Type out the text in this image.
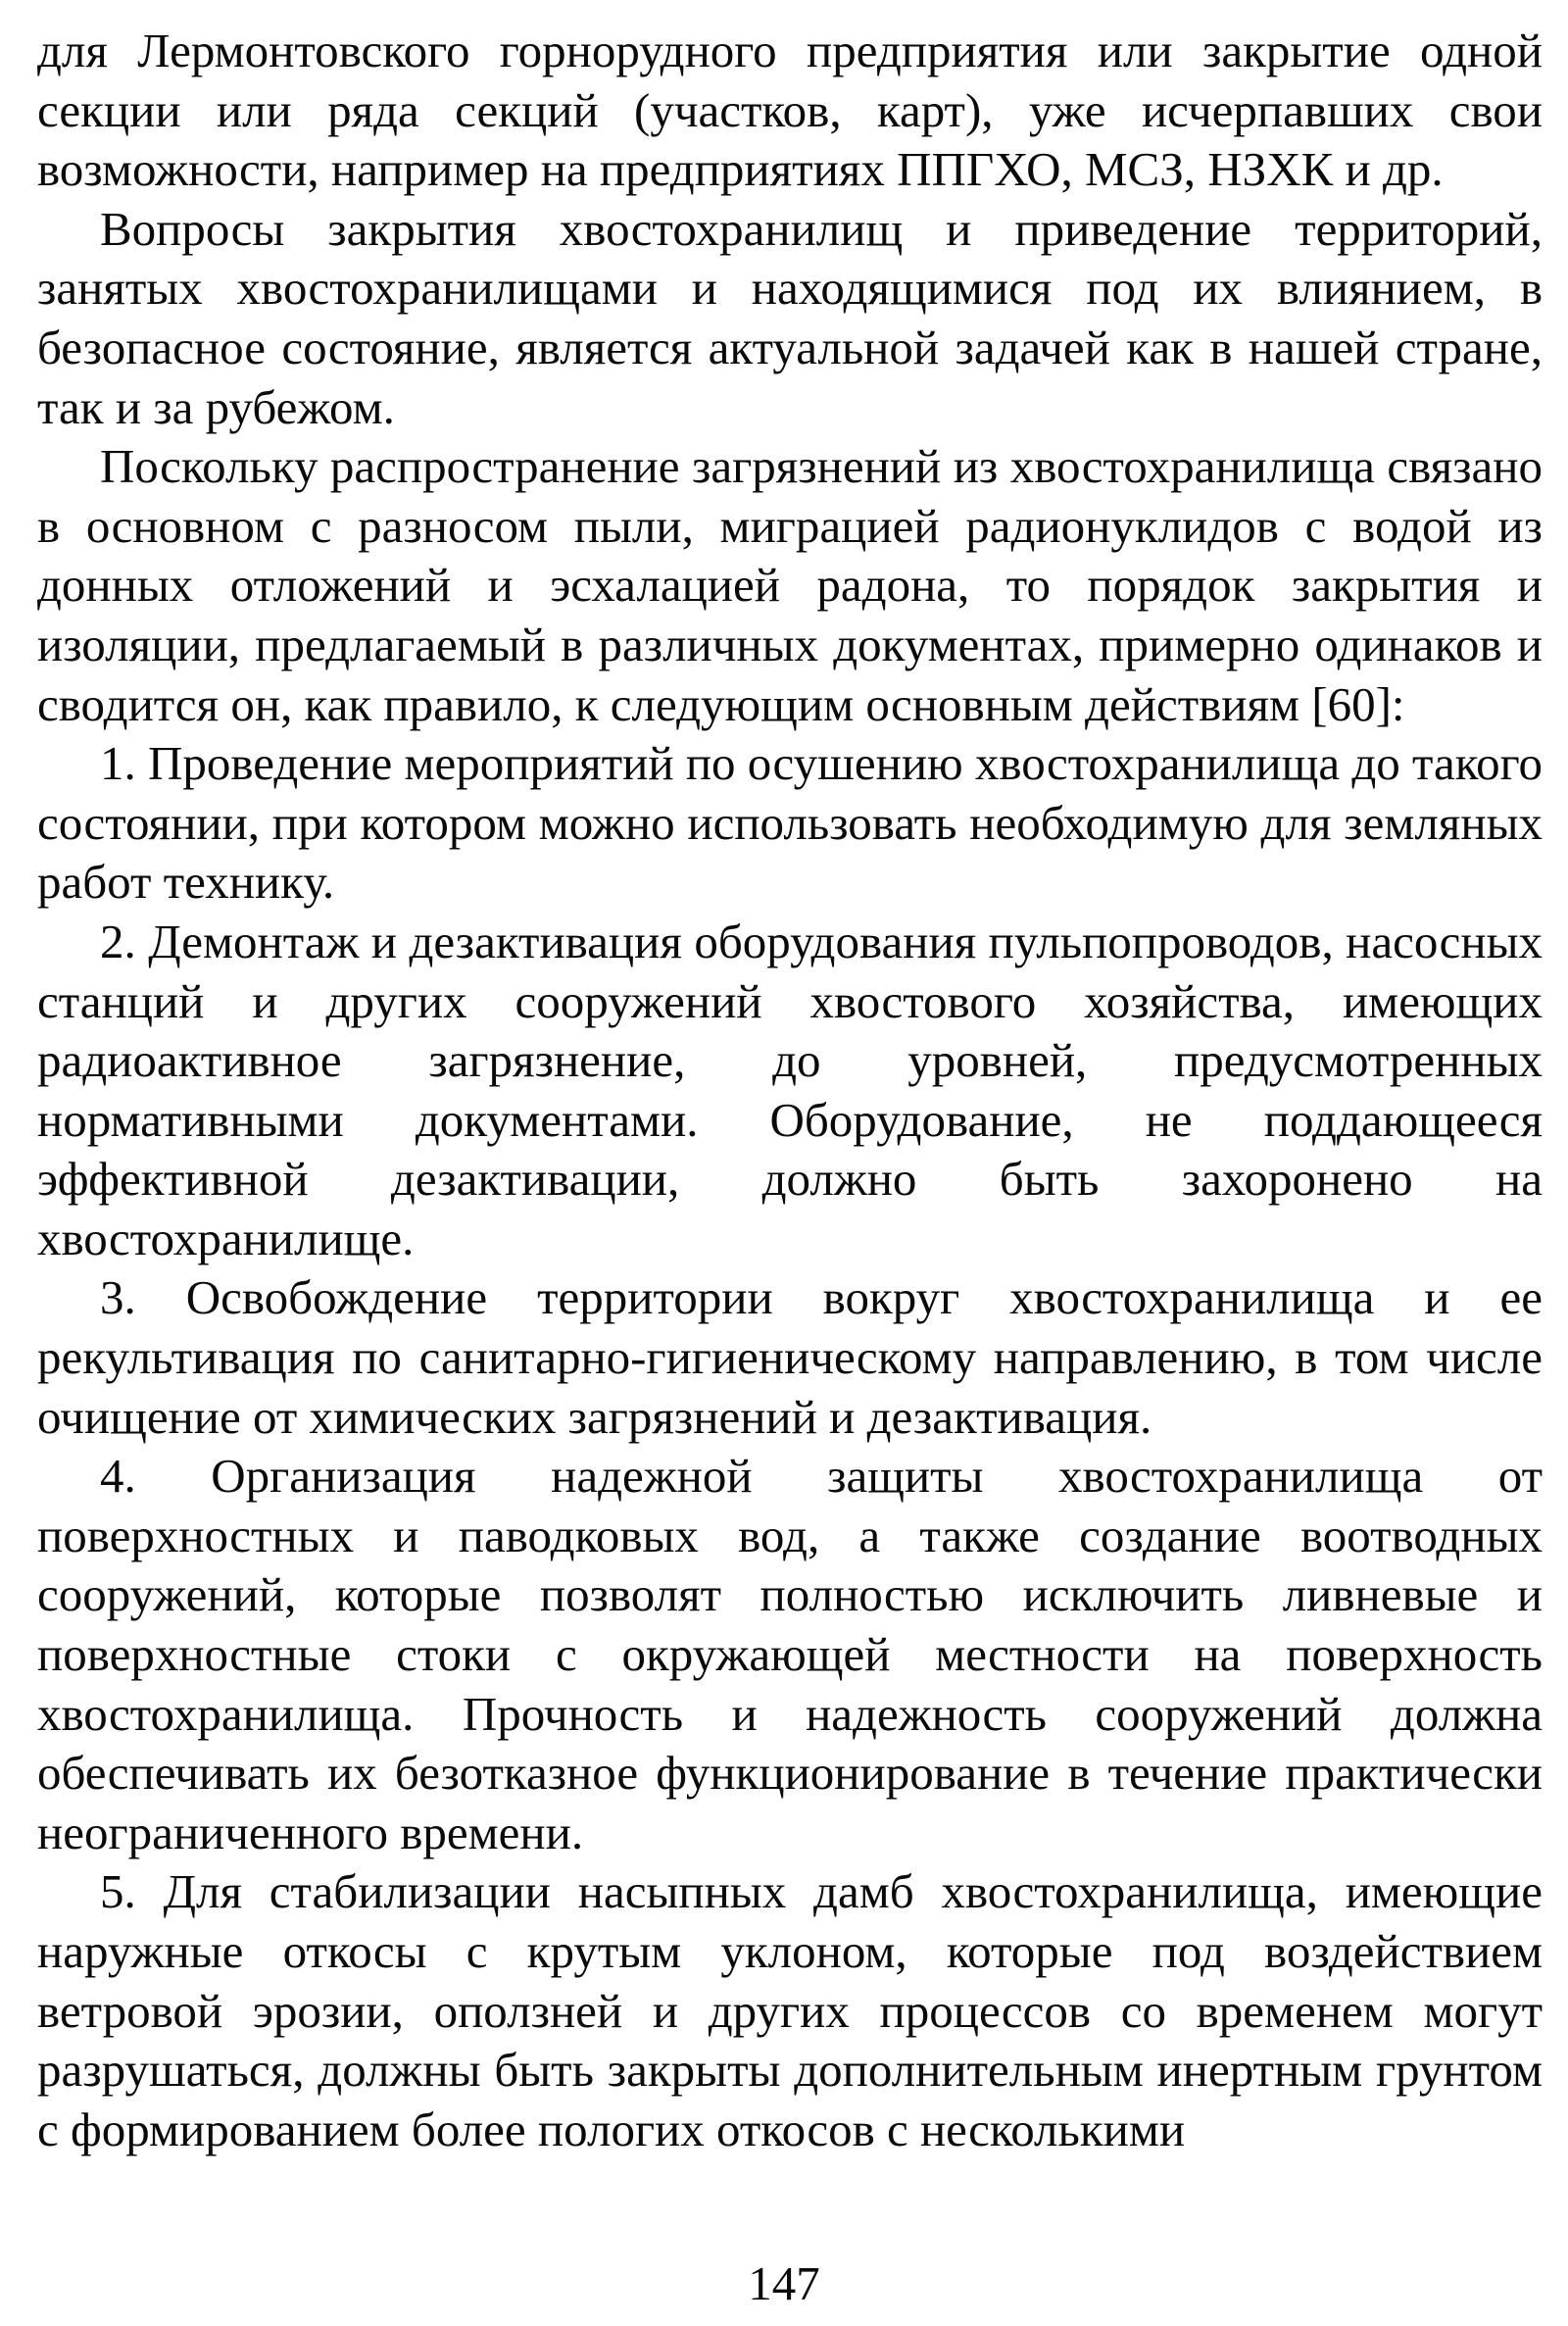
для Лермонтовского горнорудного предприятия или закрытие одной секции или ряда секций (участков, карт), уже исчерпавших свои возможности, например на предприятиях ППГХО, МСЗ, НЗХК и др.

Вопросы закрытия хвостохранилищ и приведение территорий, занятых хвостохранилищами и находящимися под их влиянием, в безопасное состояние, является актуальной задачей как в нашей стране, так и за рубежом.

Поскольку распространение загрязнений из хвостохранилища связано в основном с разносом пыли, миграцией радионуклидов с водой из донных отложений и эсхалацией радона, то порядок закрытия и изоляции, предлагаемый в различных документах, примерно одинаков и сводится он, как правило, к следующим основным действиям [60]:

1. Проведение мероприятий по осушению хвостохранилища до такого состоянии, при котором можно использовать необходимую для земляных работ технику.

2. Демонтаж и дезактивация оборудования пульпопроводов, насосных станций и других сооружений хвостового хозяйства, имеющих радиоактивное загрязнение, до уровней, предусмотренных нормативными документами. Оборудование, не поддающееся эффективной дезактивации, должно быть захоронено на хвостохранилище.

3. Освобождение территории вокруг хвостохранилища и ее рекультивация по санитарно-гигиеническому направлению, в том числе очищение от химических загрязнений и дезактивация.

4. Организация надежной защиты хвостохранилища от поверхностных и паводковых вод, а также создание воотводных сооружений, которые позволят полностью исключить ливневые и поверхностные стоки с окружающей местности на поверхность хвостохранилища. Прочность и надежность сооружений должна обеспечивать их безотказное функционирование в течение практически неограниченного времени.

5. Для стабилизации насыпных дамб хвостохранилища, имеющие наружные откосы с крутым уклоном, которые под воздействием ветровой эрозии, оползней и других процессов со временем могут разрушаться, должны быть закрыты дополнительным инертным грунтом с формированием более пологих откосов с несколькими

147
